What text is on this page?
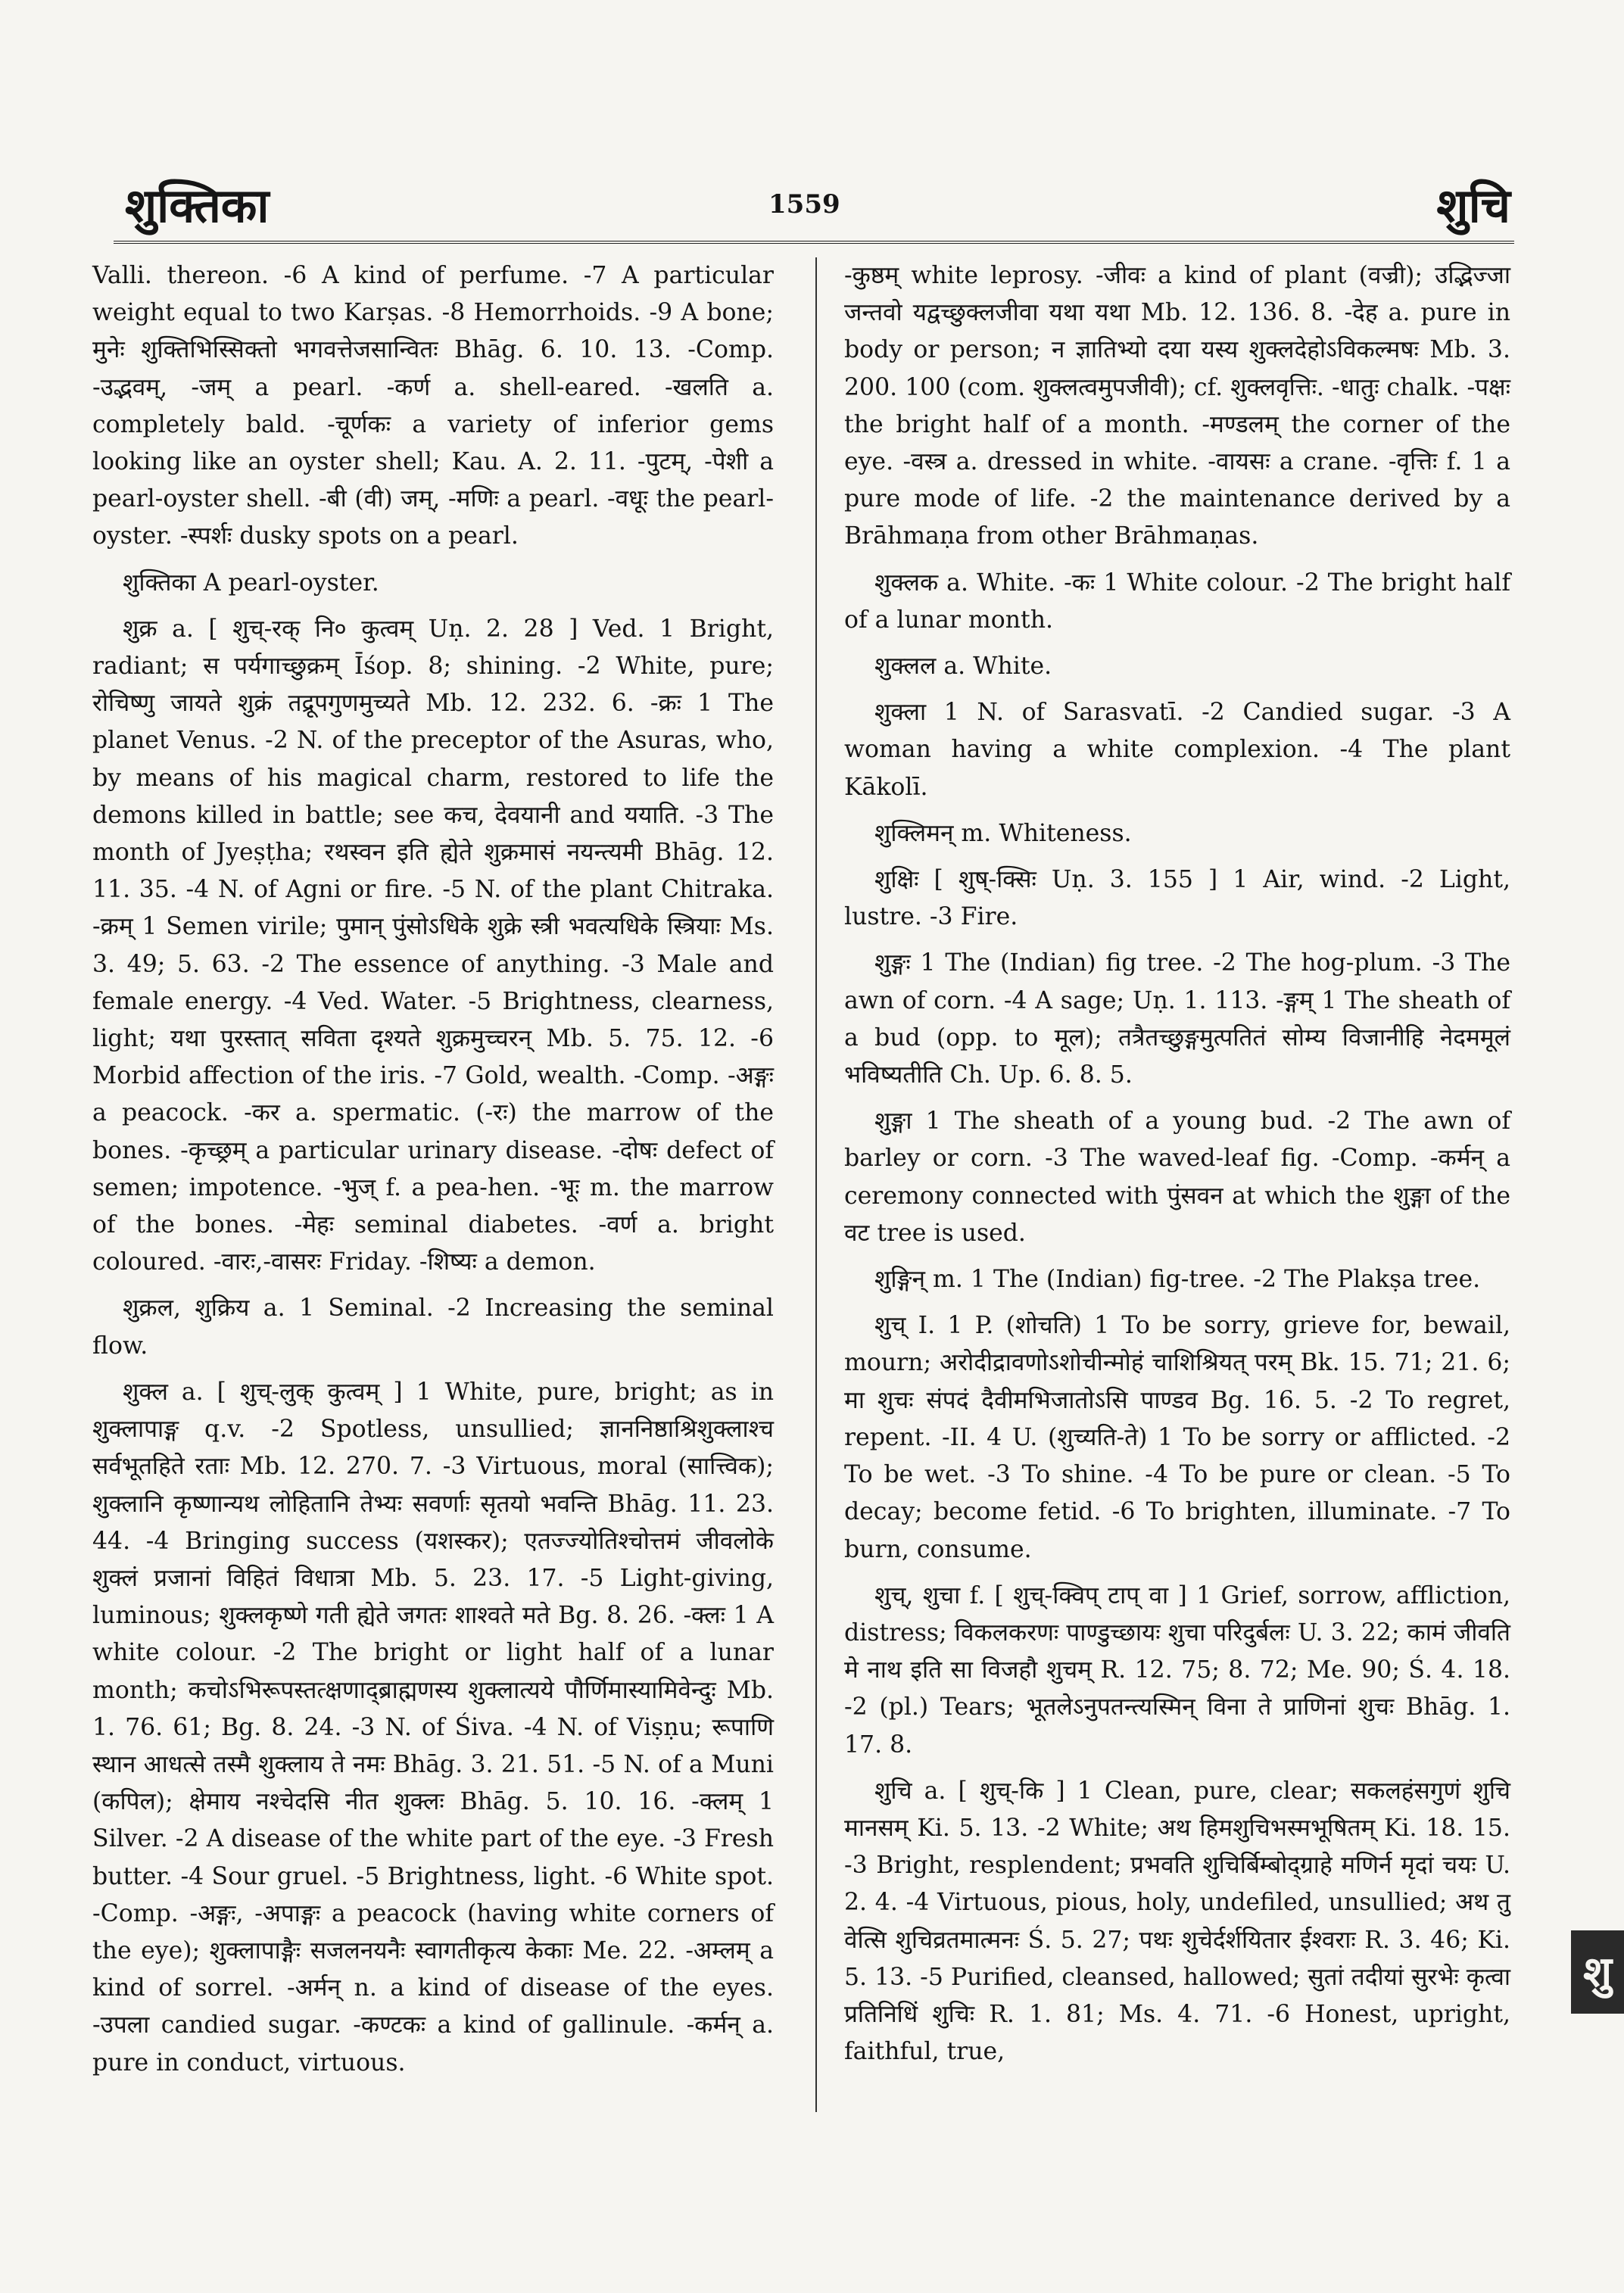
शुक्तिका	1559	शुचि

Valli. thereon. -6 A kind of perfume. -7 A particular weight equal to two Karṣas. -8 Hemorrhoids. -9 A bone; मुनेः शुक्तिभिस्सिक्तो भगवत्तेजसान्वितः Bhāg. 6. 10. 13. -Comp. -उद्भवम्, -जम् a pearl. -कर्ण a. shell-eared. -खलति a. completely bald. -चूर्णकः a variety of inferior gems looking like an oyster shell; Kau. A. 2. 11. -पुटम्, -पेशी a pearl-oyster shell. -बी (वी) जम्, -मणिः a pearl. -वधूः the pearl-oyster. -स्पर्शः dusky spots on a pearl.

शुक्तिका A pearl-oyster.

शुक्र a. [ शुच्-रक् नि० कुत्वम् Uṇ. 2. 28 ] Ved. 1 Bright, radiant; स पर्यगाच्छुक्रम् Īśop. 8; shining. -2 White, pure; रोचिष्णु जायते शुक्रं तद्रूपगुणमुच्यते Mb. 12. 232. 6. -क्रः 1 The planet Venus. -2 N. of the preceptor of the Asuras, who, by means of his magical charm, restored to life the demons killed in battle; see कच, देवयानी and ययाति. -3 The month of Jyeṣṭha; रथस्वन इति ह्येते शुक्रमासं नयन्त्यमी Bhāg. 12. 11. 35. -4 N. of Agni or fire. -5 N. of the plant Chitraka. -क्रम् 1 Semen virile; पुमान् पुंसोऽधिके शुक्रे स्त्री भवत्यधिके स्त्रियाः Ms. 3. 49; 5. 63. -2 The essence of anything. -3 Male and female energy. -4 Ved. Water. -5 Brightness, clearness, light; यथा पुरस्तात् सविता दृश्यते शुक्रमुच्चरन् Mb. 5. 75. 12. -6 Morbid affection of the iris. -7 Gold, wealth. -Comp. -अङ्गः a peacock. -कर a. spermatic. (-रः) the marrow of the bones. -कृच्छ्रम् a particular urinary disease. -दोषः defect of semen; impotence. -भुज् f. a pea-hen. -भूः m. the marrow of the bones. -मेहः seminal diabetes. -वर्ण a. bright coloured. -वारः,-वासरः Friday. -शिष्यः a demon.

शुक्रल, शुक्रिय a. 1 Seminal. -2 Increasing the seminal flow.

शुक्ल a. [ शुच्-लुक् कुत्वम् ] 1 White, pure, bright; as in शुक्लापाङ्ग q.v. -2 Spotless, unsullied; ज्ञाननिष्ठाश्रिशुक्लाश्च सर्वभूतहिते रताः Mb. 12. 270. 7. -3 Virtuous, moral (सात्त्विक); शुक्लानि कृष्णान्यथ लोहितानि तेभ्यः सवर्णाः सृतयो भवन्ति Bhāg. 11. 23. 44. -4 Bringing success (यशस्कर); एतज्ज्योतिश्चोत्तमं जीवलोके शुक्लं प्रजानां विहितं विधात्रा Mb. 5. 23. 17. -5 Light-giving, luminous; शुक्लकृष्णे गती ह्येते जगतः शाश्वते मते Bg. 8. 26. -क्लः 1 A white colour. -2 The bright or light half of a lunar month; कचोऽभिरूपस्तत्क्षणाद्ब्राह्मणस्य शुक्लात्यये पौर्णिमास्यामिवेन्दुः Mb. 1. 76. 61; Bg. 8. 24. -3 N. of Śiva. -4 N. of Viṣṇu; रूपाणि स्थान आधत्से तस्मै शुक्लाय ते नमः Bhāg. 3. 21. 51. -5 N. of a Muni (कपिल); क्षेमाय नश्चेदसि नीत शुक्लः Bhāg. 5. 10. 16. -क्लम् 1 Silver. -2 A disease of the white part of the eye. -3 Fresh butter. -4 Sour gruel. -5 Brightness, light. -6 White spot. -Comp. -अङ्गः, -अपाङ्गः a peacock (having white corners of the eye); शुक्लापाङ्गैः सजलनयनैः स्वागतीकृत्य केकाः Me. 22. -अम्लम् a kind of sorrel. -अर्मन् n. a kind of disease of the eyes. -उपला candied sugar. -कण्टकः a kind of gallinule. -कर्मन् a. pure in conduct, virtuous.

-कुष्ठम् white leprosy. -जीवः a kind of plant (वज्री); उद्भिज्जा जन्तवो यद्वच्छुक्लजीवा यथा यथा Mb. 12. 136. 8. -देह a. pure in body or person; न ज्ञातिभ्यो दया यस्य शुक्लदेहोऽविकल्मषः Mb. 3. 200. 100 (com. शुक्लत्वमुपजीवी); cf. शुक्लवृत्तिः. -धातुः chalk. -पक्षः the bright half of a month. -मण्डलम् the corner of the eye. -वस्त्र a. dressed in white. -वायसः a crane. -वृत्तिः f. 1 a pure mode of life. -2 the maintenance derived by a Brāhmaṇa from other Brāhmaṇas.

शुक्लक a. White. -कः 1 White colour. -2 The bright half of a lunar month.

शुक्लल a. White.

शुक्ला 1 N. of Sarasvatī. -2 Candied sugar. -3 A woman having a white complexion. -4 The plant Kākolī.

शुक्लिमन् m. Whiteness.

शुक्षिः [ शुष्-क्सिः Uṇ. 3. 155 ] 1 Air, wind. -2 Light, lustre. -3 Fire.

शुङ्गः 1 The (Indian) fig tree. -2 The hog-plum. -3 The awn of corn. -4 A sage; Uṇ. 1. 113. -ङ्गम् 1 The sheath of a bud (opp. to मूल); तत्रैतच्छुङ्गमुत्पतितं सोम्य विजानीहि नेदममूलं भविष्यतीति Ch. Up. 6. 8. 5.

शुङ्गा 1 The sheath of a young bud. -2 The awn of barley or corn. -3 The waved-leaf fig. -Comp. -कर्मन् a ceremony connected with पुंसवन at which the शुङ्गा of the वट tree is used.

शुङ्गिन् m. 1 The (Indian) fig-tree. -2 The Plakṣa tree.

शुच् I. 1 P. (शोचति) 1 To be sorry, grieve for, bewail, mourn; अरोदीद्रावणोऽशोचीन्मोहं चाशिश्रियत् परम् Bk. 15. 71; 21. 6; मा शुचः संपदं दैवीमभिजातोऽसि पाण्डव Bg. 16. 5. -2 To regret, repent. -II. 4 U. (शुच्यति-ते) 1 To be sorry or afflicted. -2 To be wet. -3 To shine. -4 To be pure or clean. -5 To decay; become fetid. -6 To brighten, illuminate. -7 To burn, consume.

शुच्, शुचा f. [ शुच्-क्विप् टाप् वा ] 1 Grief, sorrow, affliction, distress; विकलकरणः पाण्डुच्छायः शुचा परिदुर्बलः U. 3. 22; कामं जीवति मे नाथ इति सा विजहौ शुचम् R. 12. 75; 8. 72; Me. 90; Ś. 4. 18. -2 (pl.) Tears; भूतलेऽनुपतन्त्यस्मिन् विना ते प्राणिनां शुचः Bhāg. 1. 17. 8.

शुचि a. [ शुच्-कि ] 1 Clean, pure, clear; सकलहंसगुणं शुचि मानसम् Ki. 5. 13. -2 White; अथ हिमशुचिभस्मभूषितम् Ki. 18. 15. -3 Bright, resplendent; प्रभवति शुचिर्बिम्बोद्ग्राहे मणिर्न मृदां चयः U. 2. 4. -4 Virtuous, pious, holy, undefiled, unsullied; अथ तु वेत्सि शुचिव्रतमात्मनः Ś. 5. 27; पथः शुचेर्दर्शयितार ईश्वराः R. 3. 46; Ki. 5. 13. -5 Purified, cleansed, hallowed; सुतां तदीयां सुरभेः कृत्वा प्रतिनिधिं शुचिः R. 1. 81; Ms. 4. 71. -6 Honest, upright, faithful, true,

शु
